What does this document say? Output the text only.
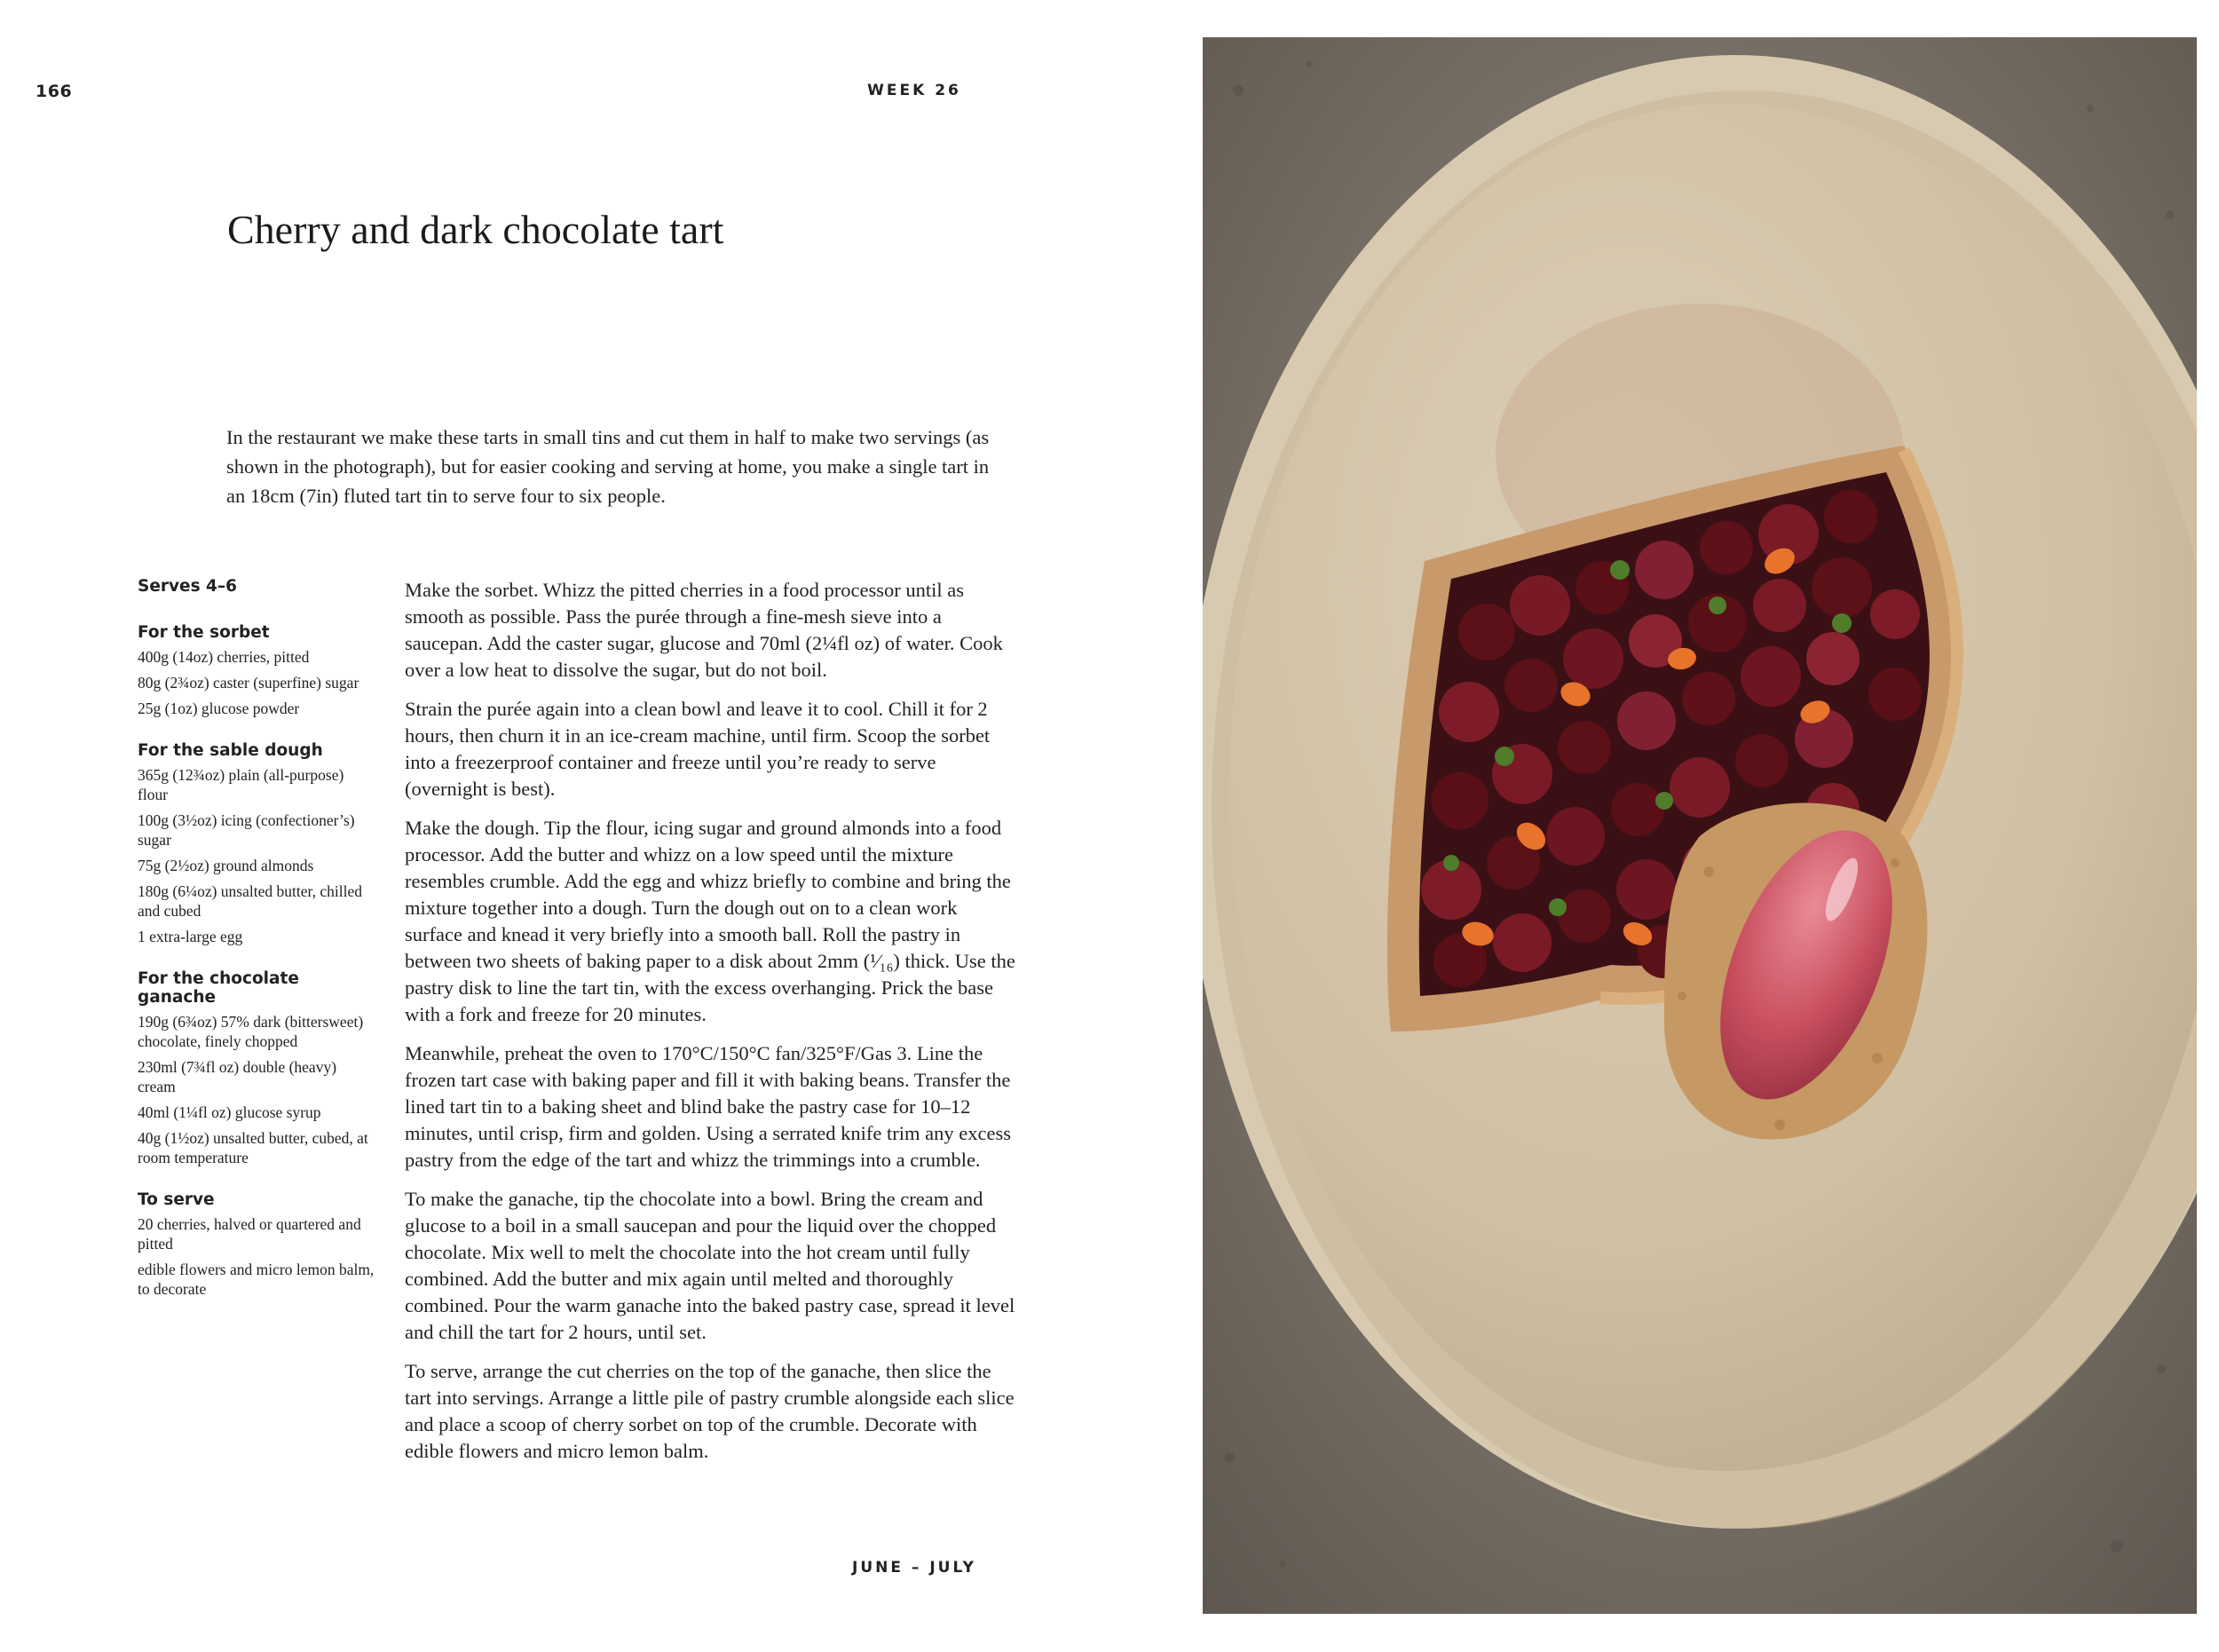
166	WEEK 26
Cherry and dark chocolate tart

In the restaurant we make these tarts in small tins and cut them in half to make two servings (as shown in the photograph), but for easier cooking and serving at home, you make a single tart in an 18cm (7in) fluted tart tin to serve four to six people.

Serves 4–6

For the sorbet

400g (14oz) cherries, pitted
80g (2¾oz) caster (superfine) sugar
25g (1oz) glucose powder

For the sable dough

365g (12¾oz) plain (all-purpose) flour
100g (3½oz) icing (confectioner’s) sugar
75g (2½oz) ground almonds
180g (6¼oz) unsalted butter, chilled and cubed
1 extra-large egg

For the chocolate ganache

190g (6¾oz) 57% dark (bittersweet) chocolate, finely chopped
230ml (7¾fl oz) double (heavy) cream
40ml (1¼fl oz) glucose syrup
40g (1½oz) unsalted butter, cubed, at room temperature

To serve

20 cherries, halved or quartered and pitted
edible flowers and micro lemon balm, to decorate

Make the sorbet. Whizz the pitted cherries in a food processor until as smooth as possible. Pass the purée through a fine-mesh sieve into a saucepan. Add the caster sugar, glucose and 70ml (2¼fl oz) of water. Cook over a low heat to dissolve the sugar, but do not boil.

Strain the purée again into a clean bowl and leave it to cool. Chill it for 2 hours, then churn it in an ice-cream machine, until firm. Scoop the sorbet into a freezerproof container and freeze until you’re ready to serve (overnight is best).

Make the dough. Tip the flour, icing sugar and ground almonds into a food processor. Add the butter and whizz on a low speed until the mixture resembles crumble. Add the egg and whizz briefly to combine and bring the mixture together into a dough. Turn the dough out on to a clean work surface and knead it very briefly into a smooth ball. Roll the pastry in between two sheets of baking paper to a disk about 2mm (¹⁄₁₆) thick. Use the pastry disk to line the tart tin, with the excess overhanging. Prick the base with a fork and freeze for 20 minutes.

Meanwhile, preheat the oven to 170°C/150°C fan/325°F/Gas 3. Line the frozen tart case with baking paper and fill it with baking beans. Transfer the lined tart tin to a baking sheet and blind bake the pastry case for 10–12 minutes, until crisp, firm and golden. Using a serrated knife trim any excess pastry from the edge of the tart and whizz the trimmings into a crumble.

To make the ganache, tip the chocolate into a bowl. Bring the cream and glucose to a boil in a small saucepan and pour the liquid over the chopped chocolate. Mix well to melt the chocolate into the hot cream until fully combined. Add the butter and mix again until melted and thoroughly combined. Pour the warm ganache into the baked pastry case, spread it level and chill the tart for 2 hours, until set.

To serve, arrange the cut cherries on the top of the ganache, then slice the tart into servings. Arrange a little pile of pastry crumble alongside each slice and place a scoop of cherry sorbet on top of the crumble. Decorate with edible flowers and micro lemon balm.

JUNE – JULY
